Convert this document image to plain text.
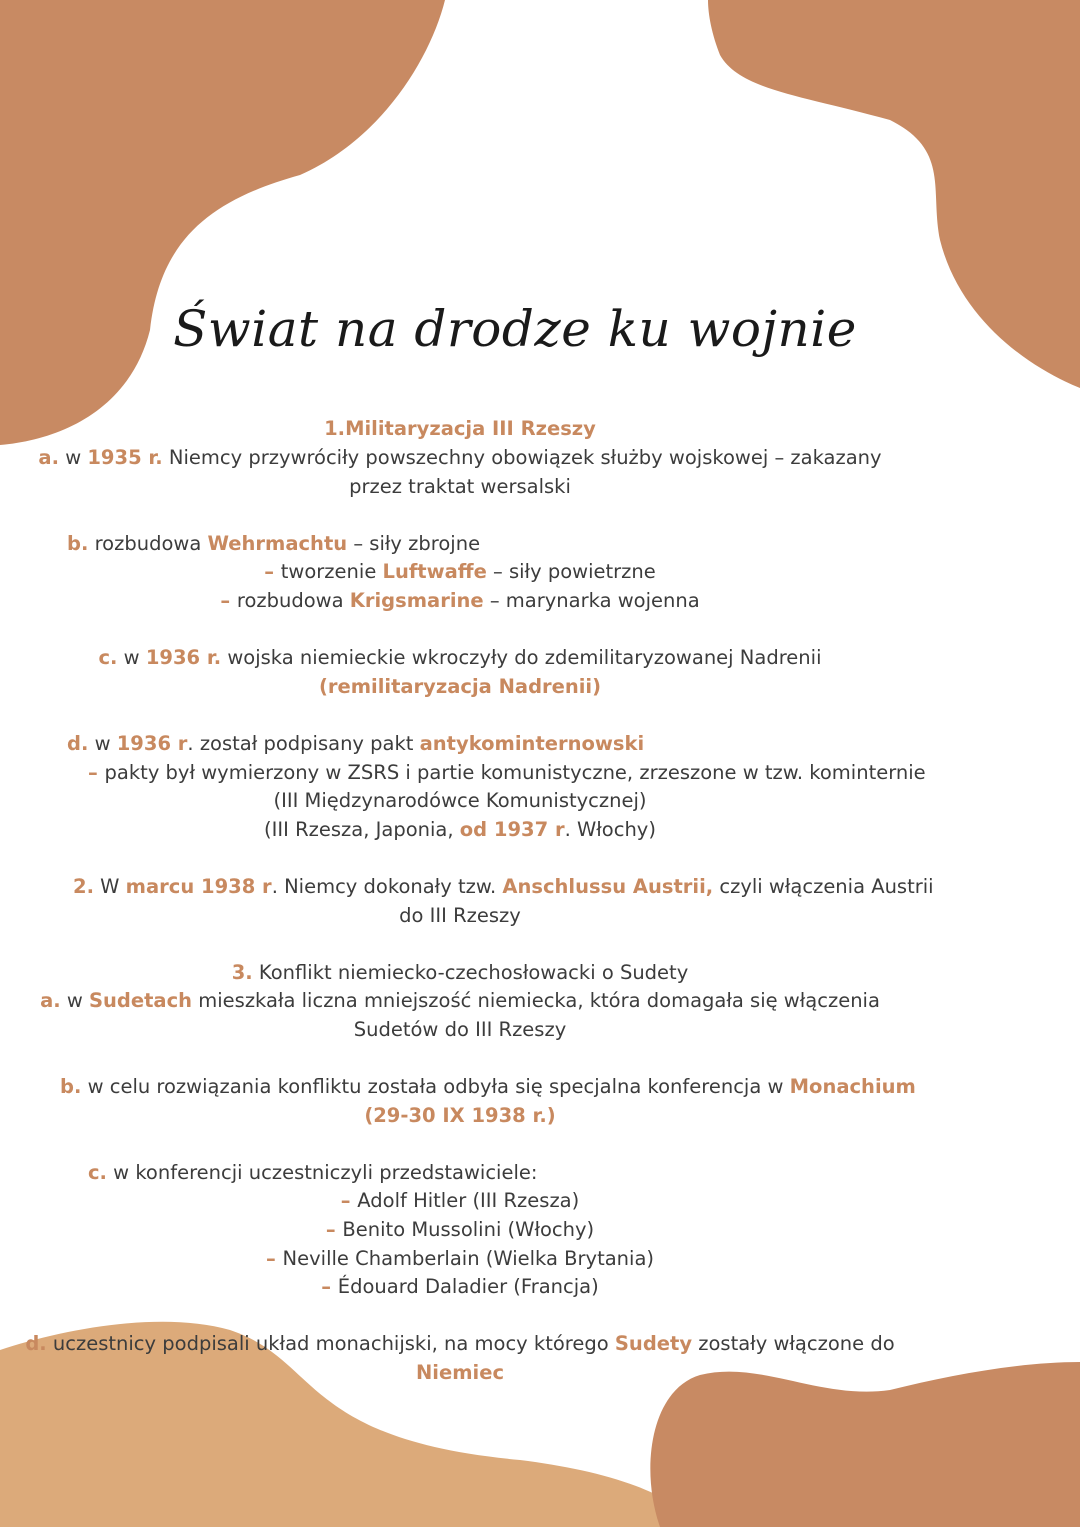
Świat na drodze ku wojnie

1.Militaryzacja III Rzeszy

a. w 1935 r. Niemcy przywróciły powszechny obowiązek służby wojskowej – zakazany

przez traktat wersalski

b. rozbudowa Wehrmachtu – siły zbrojne

– tworzenie Luftwaffe – siły powietrzne

– rozbudowa Krigsmarine – marynarka wojenna

c. w 1936 r. wojska niemieckie wkroczyły do zdemilitaryzowanej Nadrenii

(remilitaryzacja Nadrenii)

d. w 1936 r. został podpisany pakt antykominternowski

– pakty był wymierzony w ZSRS i partie komunistyczne, zrzeszone w tzw. kominternie

(III Międzynarodówce Komunistycznej)

(III Rzesza, Japonia, od 1937 r. Włochy)

2. W marcu 1938 r. Niemcy dokonały tzw. Anschlussu Austrii, czyli włączenia Austrii

do III Rzeszy

3. Konflikt niemiecko-czechosłowacki o Sudety

a. w Sudetach mieszkała liczna mniejszość niemiecka, która domagała się włączenia

Sudetów do III Rzeszy

b. w celu rozwiązania konfliktu została odbyła się specjalna konferencja w Monachium

(29-30 IX 1938 r.)

c. w konferencji uczestniczyli przedstawiciele:

– Adolf Hitler (III Rzesza)

– Benito Mussolini (Włochy)

– Neville Chamberlain (Wielka Brytania)

– Édouard Daladier (Francja)

d. uczestnicy podpisali układ monachijski, na mocy którego Sudety zostały włączone do

Niemiec
